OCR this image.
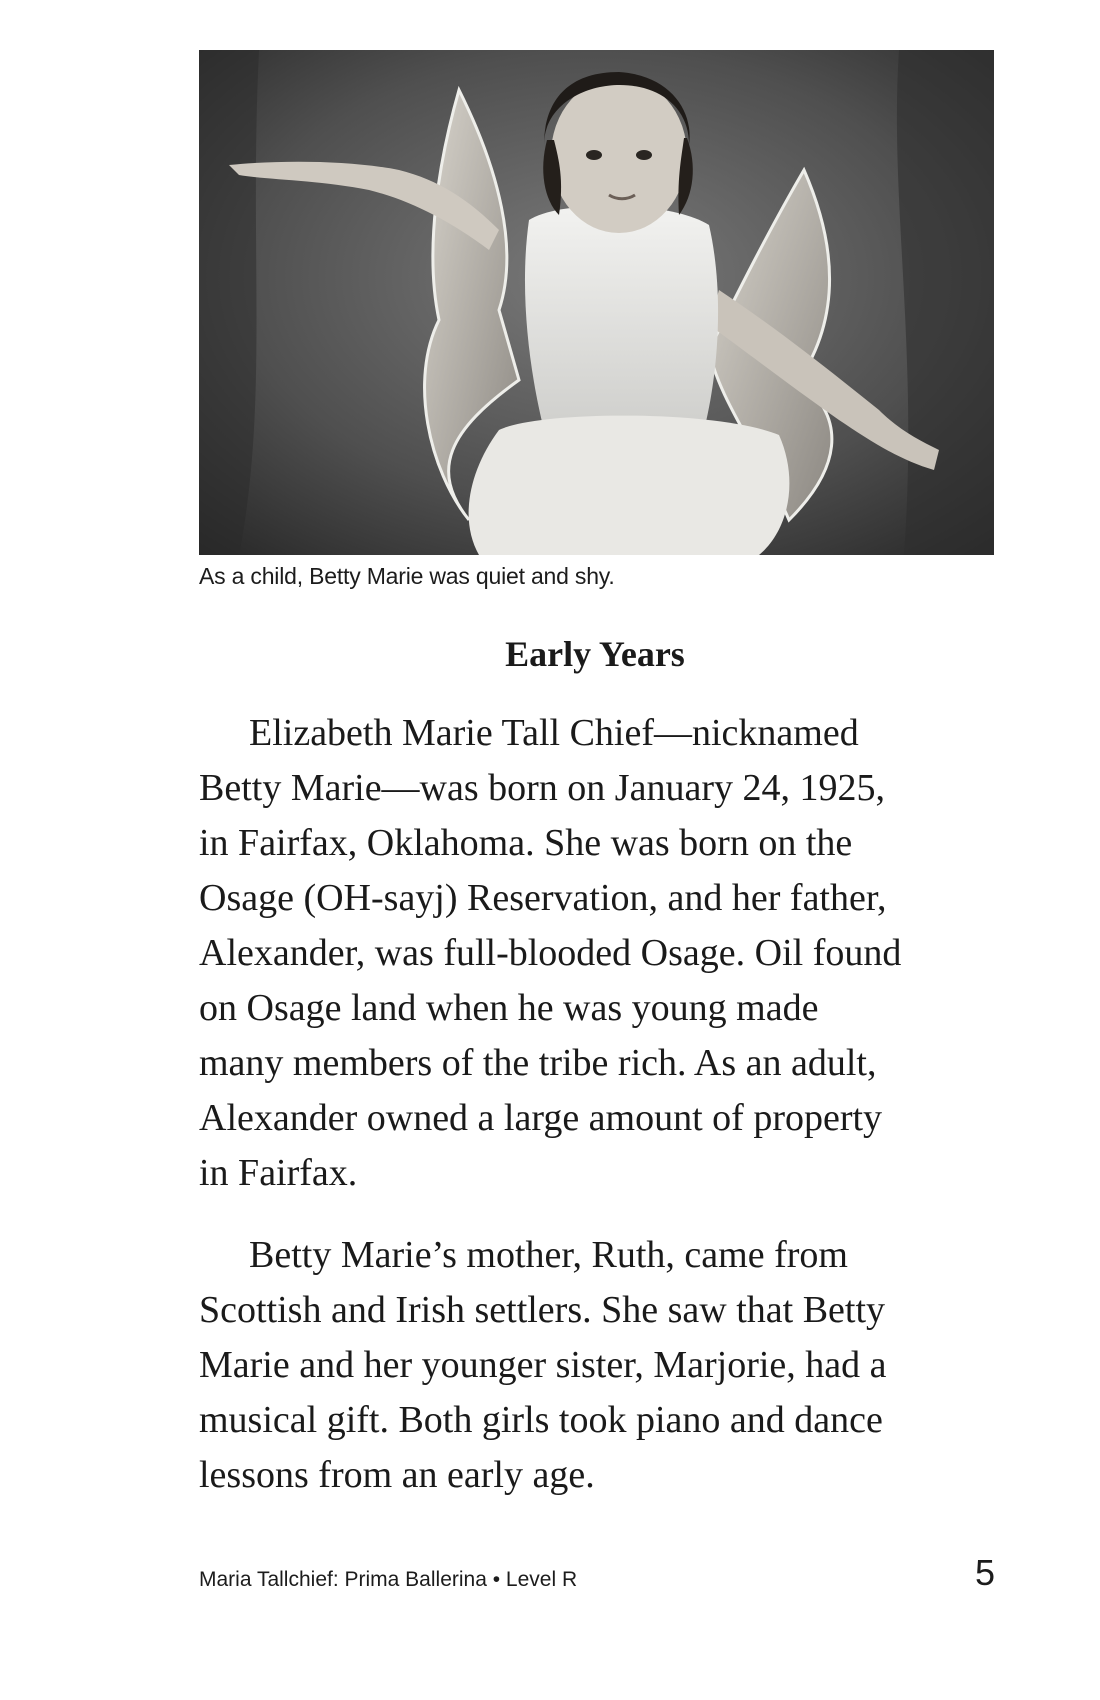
As a child, Betty Marie was quiet and shy.
Early Years
Elizabeth Marie Tall Chief—nicknamed
Betty Marie—was born on January 24, 1925,
in Fairfax, Oklahoma. She was born on the
Osage (OH-sayj) Reservation, and her father,
Alexander, was full-blooded Osage. Oil found
on Osage land when he was young made
many members of the tribe rich. As an adult,
Alexander owned a large amount of property
in Fairfax.
Betty Marie’s mother, Ruth, came from
Scottish and Irish settlers. She saw that Betty
Marie and her younger sister, Marjorie, had a
musical gift. Both girls took piano and dance
lessons from an early age.
Maria Tallchief: Prima Ballerina • Level R	5
